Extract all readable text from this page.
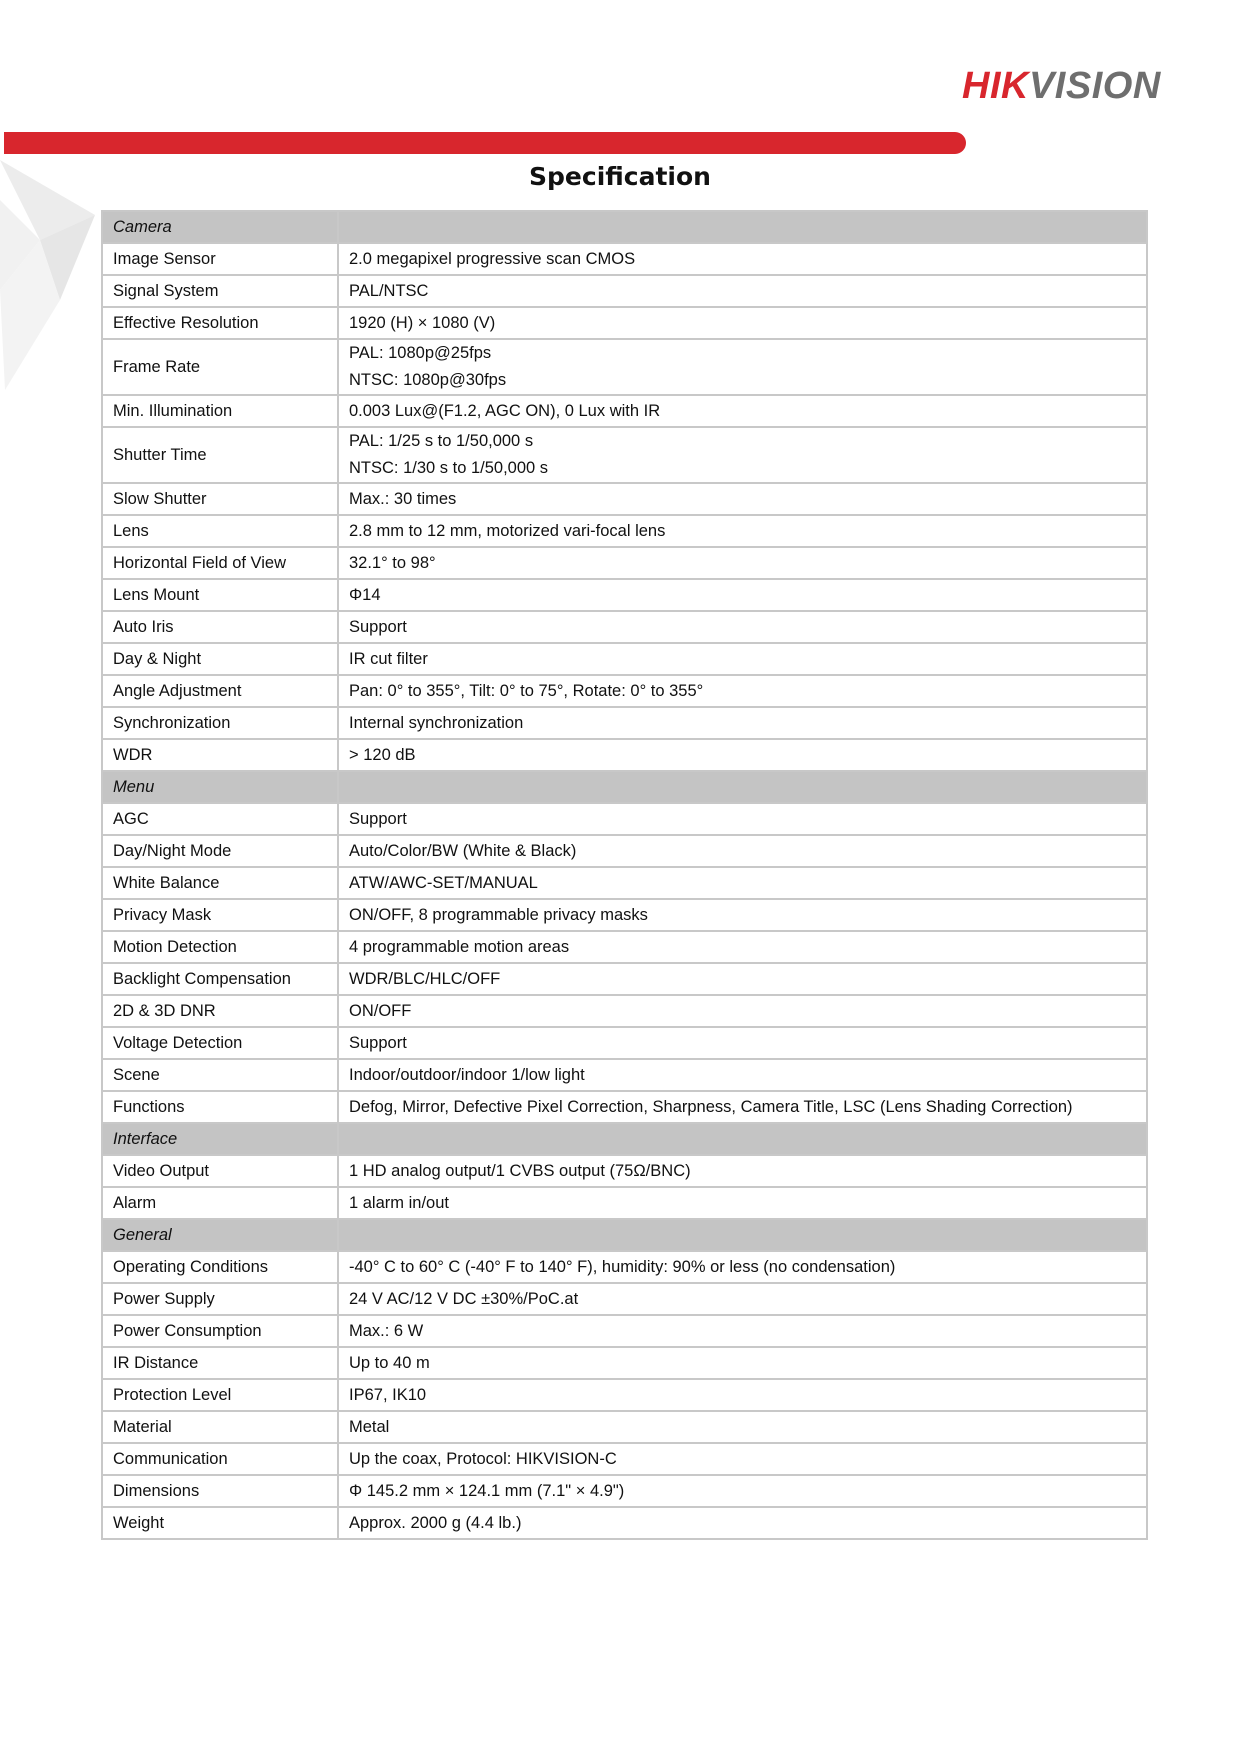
HIKVISION
Specification
Camera	
Image Sensor	2.0 megapixel progressive scan CMOS

Signal System	PAL/NTSC

Effective Resolution	1920 (H) × 1080 (V)

Frame Rate	PAL: 1080p@25fps
NTSC: 1080p@30fps

Min. Illumination	0.003 Lux@(F1.2, AGC ON), 0 Lux with IR

Shutter Time	PAL: 1/25 s to 1/50,000 s
NTSC: 1/30 s to 1/50,000 s

Slow Shutter	Max.: 30 times

Lens	2.8 mm to 12 mm, motorized vari-focal lens

Horizontal Field of View	32.1° to 98°

Lens Mount	Φ14

Auto Iris	Support

Day & Night	IR cut filter

Angle Adjustment	Pan: 0° to 355°, Tilt: 0° to 75°, Rotate: 0° to 355°

Synchronization	Internal synchronization

WDR	> 120 dB

Menu	
AGC	Support

Day/Night Mode	Auto/Color/BW (White & Black)

White Balance	ATW/AWC-SET/MANUAL

Privacy Mask	ON/OFF, 8 programmable privacy masks

Motion Detection	4 programmable motion areas

Backlight Compensation	WDR/BLC/HLC/OFF

2D & 3D DNR	ON/OFF

Voltage Detection	Support

Scene	Indoor/outdoor/indoor 1/low light

Functions	Defog, Mirror, Defective Pixel Correction, Sharpness, Camera Title, LSC (Lens Shading Correction)

Interface	
Video Output	1 HD analog output/1 CVBS output (75Ω/BNC)

Alarm	1 alarm in/out

General	
Operating Conditions	-40° C to 60° C (-40° F to 140° F), humidity: 90% or less (no condensation)

Power Supply	24 V AC/12 V DC ±30%/PoC.at

Power Consumption	Max.: 6 W

IR Distance	Up to 40 m

Protection Level	IP67, IK10

Material	Metal

Communication	Up the coax, Protocol: HIKVISION-C

Dimensions	Φ 145.2 mm × 124.1 mm (7.1" × 4.9")

Weight	Approx. 2000 g (4.4 lb.)
